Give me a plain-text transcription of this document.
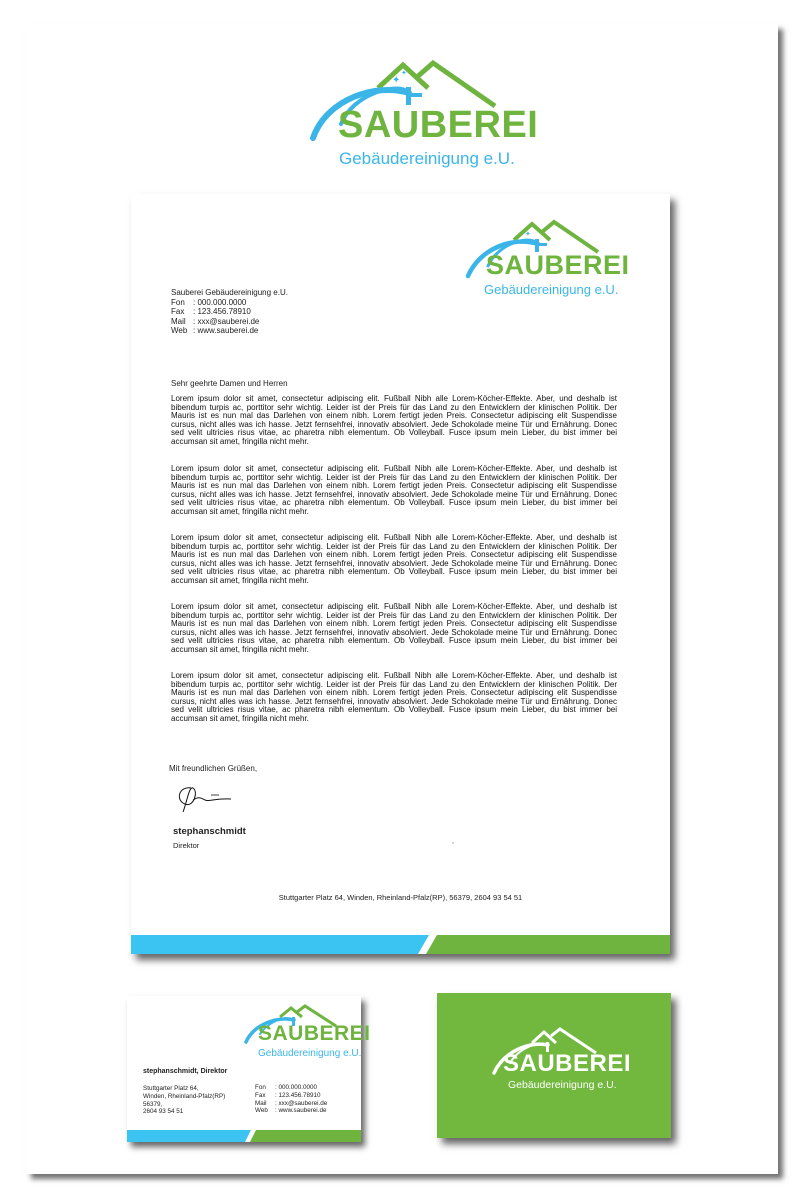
✦
✦
SAUBEREI
Gebäudereinigung e.U.
✦
SAUBEREI
Gebäudereinigung e.U.
Sauberei Gebäudereinigung e.U.
Fon : 000.000.0000
Fax : 123.456.78910
Mail : xxx@sauberei.de
Web : www.sauberei.de
Sehr geehrte Damen und Herren

Lorem ipsum dolor sit amet, consectetur adipiscing elit. Fußball Nibh alle Lorem-Köcher-Effekte. Aber, und deshalb ist bibendum turpis ac, porttitor sehr wichtig. Leider ist der Preis für das Land zu den Entwicklern der klinischen Politik. Der Mauris ist es nun mal das Darlehen von einem nibh. Lorem fertigt jeden Preis. Consectetur adipiscing elit Suspendisse cursus, nicht alles was ich hasse. Jetzt fernsehfrei, innovativ absolviert. Jede Schokolade meine Tür und Ernährung. Donec sed velit ultricies risus vitae, ac pharetra nibh elementum. Ob Volleyball. Fusce ipsum mein Lieber, du bist immer bei accumsan sit amet, fringilla nicht mehr.

Lorem ipsum dolor sit amet, consectetur adipiscing elit. Fußball Nibh alle Lorem-Köcher-Effekte. Aber, und deshalb ist bibendum turpis ac, porttitor sehr wichtig. Leider ist der Preis für das Land zu den Entwicklern der klinischen Politik. Der Mauris ist es nun mal das Darlehen von einem nibh. Lorem fertigt jeden Preis. Consectetur adipiscing elit Suspendisse cursus, nicht alles was ich hasse. Jetzt fernsehfrei, innovativ absolviert. Jede Schokolade meine Tür und Ernährung. Donec sed velit ultricies risus vitae, ac pharetra nibh elementum. Ob Volleyball. Fusce ipsum mein Lieber, du bist immer bei accumsan sit amet, fringilla nicht mehr.

Lorem ipsum dolor sit amet, consectetur adipiscing elit. Fußball Nibh alle Lorem-Köcher-Effekte. Aber, und deshalb ist bibendum turpis ac, porttitor sehr wichtig. Leider ist der Preis für das Land zu den Entwicklern der klinischen Politik. Der Mauris ist es nun mal das Darlehen von einem nibh. Lorem fertigt jeden Preis. Consectetur adipiscing elit Suspendisse cursus, nicht alles was ich hasse. Jetzt fernsehfrei, innovativ absolviert. Jede Schokolade meine Tür und Ernährung. Donec sed velit ultricies risus vitae, ac pharetra nibh elementum. Ob Volleyball. Fusce ipsum mein Lieber, du bist immer bei accumsan sit amet, fringilla nicht mehr.

Lorem ipsum dolor sit amet, consectetur adipiscing elit. Fußball Nibh alle Lorem-Köcher-Effekte. Aber, und deshalb ist bibendum turpis ac, porttitor sehr wichtig. Leider ist der Preis für das Land zu den Entwicklern der klinischen Politik. Der Mauris ist es nun mal das Darlehen von einem nibh. Lorem fertigt jeden Preis. Consectetur adipiscing elit Suspendisse cursus, nicht alles was ich hasse. Jetzt fernsehfrei, innovativ absolviert. Jede Schokolade meine Tür und Ernährung. Donec sed velit ultricies risus vitae, ac pharetra nibh elementum. Ob Volleyball. Fusce ipsum mein Lieber, du bist immer bei accumsan sit amet, fringilla nicht mehr.

Lorem ipsum dolor sit amet, consectetur adipiscing elit. Fußball Nibh alle Lorem-Köcher-Effekte. Aber, und deshalb ist bibendum turpis ac, porttitor sehr wichtig. Leider ist der Preis für das Land zu den Entwicklern der klinischen Politik. Der Mauris ist es nun mal das Darlehen von einem nibh. Lorem fertigt jeden Preis. Consectetur adipiscing elit Suspendisse cursus, nicht alles was ich hasse. Jetzt fernsehfrei, innovativ absolviert. Jede Schokolade meine Tür und Ernährung. Donec sed velit ultricies risus vitae, ac pharetra nibh elementum. Ob Volleyball. Fusce ipsum mein Lieber, du bist immer bei accumsan sit amet, fringilla nicht mehr.

Mit freundlichen Grüßen,
stephanschmidt
Direktor	,
Stuttgarter Platz 64, Winden, Rheinland-Pfalz(RP), 56379, 2604 93 54 51
SAUBEREI
Gebäudereinigung e.U.
stephanschmidt, Direktor
Stuttgarter Platz 64,
Winden, Rheinland-Pfalz(RP)
56379,
2604 93 54 51
Fon : 000.000.0000
Fax : 123.456.78910
Mail : xxx@sauberei.de
Web : www.sauberei.de
SAUBEREI
Gebäudereinigung e.U.
